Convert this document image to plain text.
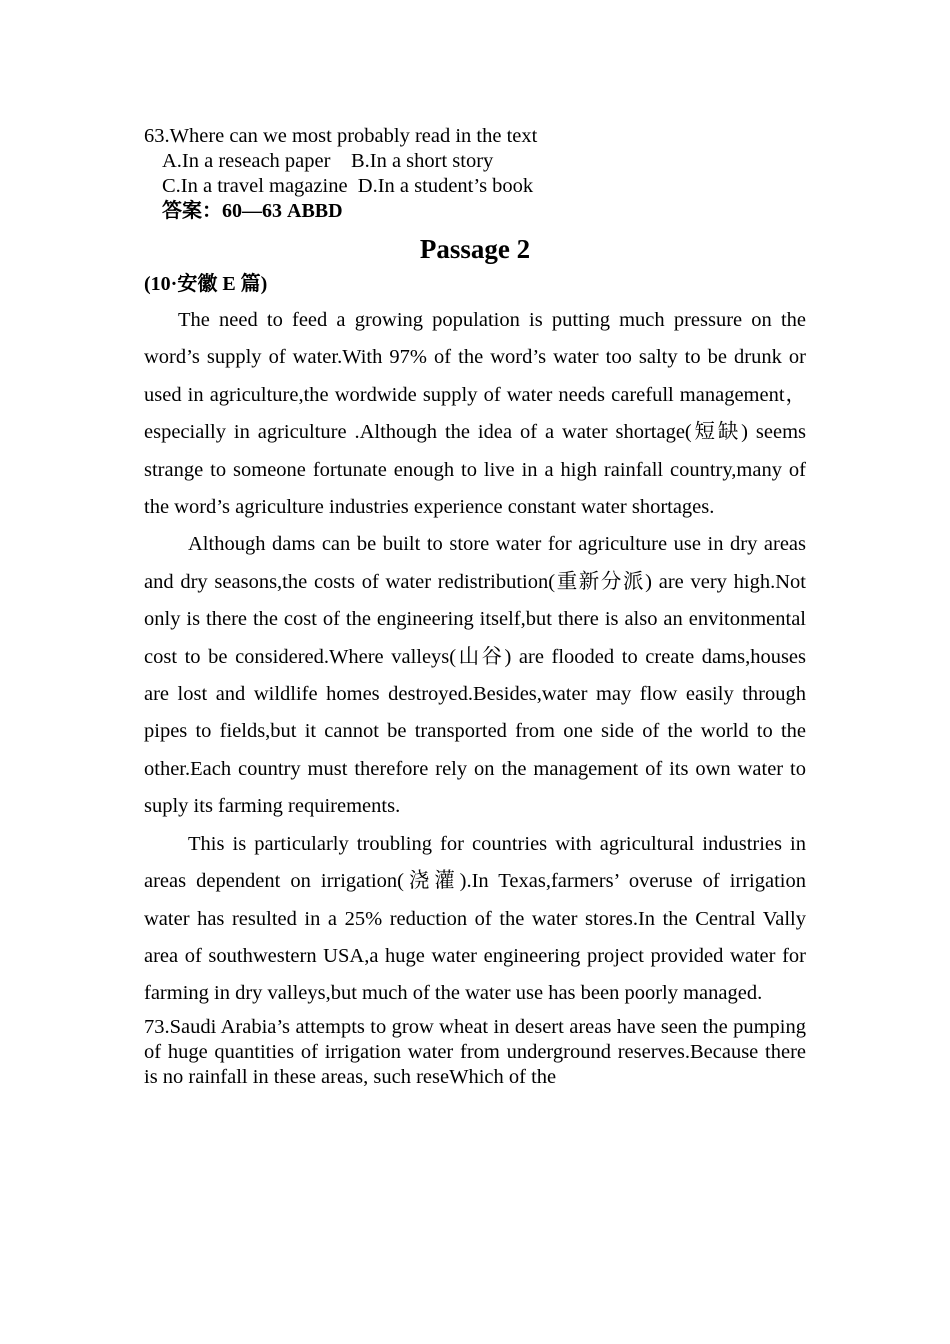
63.Where can we most probably read in the text
A.In a reseach paper    B.In a short story
C.In a travel magazine  D.In a student’s book
答案：60—63 ABBD
Passage 2
(10·安徽 E 篇)

The need to feed a growing population is putting much pressure on the word’s supply of water.With 97% of the word’s water too salty to be drunk or used in agriculture,the wordwide supply of water needs carefull management， especially in agriculture .Although the idea of a water shortage(短缺) seems strange to someone fortunate enough to live in a high rainfall country,many of the word’s agriculture industries experience constant water shortages.

Although dams can be built to store water for agriculture use in dry areas and dry seasons,the costs of water redistribution(重新分派) are very high.Not only is there the cost of the engineering itself,but there is also an envitonmental cost to be considered.Where valleys(山谷) are flooded to create dams,houses are lost and wildlife homes destroyed.Besides,water may flow easily through pipes to fields,but it cannot be transported from one side of the world to the other.Each country must therefore rely on the management of its own water to suply its farming requirements.

This is particularly troubling for countries with agricultural industries in areas dependent on irrigation(浇灌).In Texas,farmers’ overuse of irrigation water has resulted in a 25% reduction of the water stores.In the Central Vally area of southwestern USA,a huge water engineering project provided water for farming in dry valleys,but much of the water use has been poorly managed.

73.Saudi Arabia’s attempts to grow wheat in desert areas have seen the pumping of huge quantities of irrigation water from underground reserves.Because there is no rainfall in these areas, such reseWhich of the
